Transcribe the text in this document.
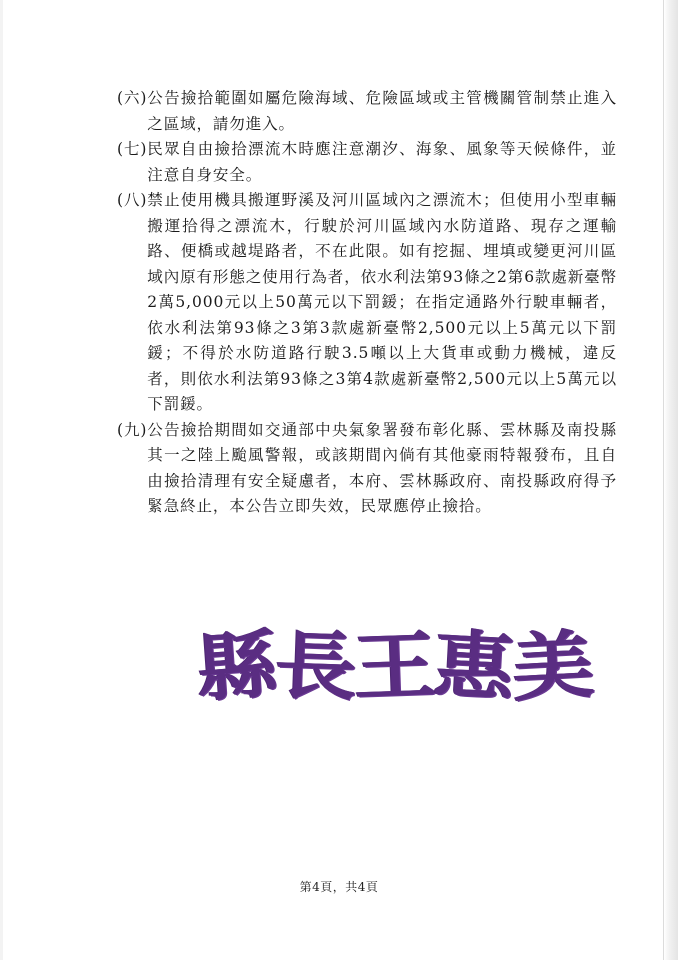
(六) 公告撿拾範圍如屬危險海域、危險區域或主管機關管制禁止進入之區域，請勿進入。
(七) 民眾自由撿拾漂流木時應注意潮汐、海象、風象等天候條件，並注意自身安全。
(八) 禁止使用機具搬運野溪及河川區域內之漂流木；但使用小型車輛搬運拾得之漂流木，行駛於河川區域內水防道路、現存之運輸路、便橋或越堤路者，不在此限。如有挖掘、埋填或變更河川區域內原有形態之使用行為者，依水利法第93條之2第6款處新臺幣2萬5,000元以上50萬元以下罰鍰；在指定通路外行駛車輛者，依水利法第93條之3第3款處新臺幣2,500元以上5萬元以下罰鍰；不得於水防道路行駛3.5噸以上大貨車或動力機械，違反者，則依水利法第93條之3第4款處新臺幣2,500元以上5萬元以下罰鍰。
(九) 公告撿拾期間如交通部中央氣象署發布彰化縣、雲林縣及南投縣其一之陸上颱風警報，或該期間內倘有其他豪雨特報發布，且自由撿拾清理有安全疑慮者，本府、雲林縣政府、南投縣政府得予緊急終止，本公告立即失效，民眾應停止撿拾。
縣
長
王
惠
美
第4頁，共4頁
